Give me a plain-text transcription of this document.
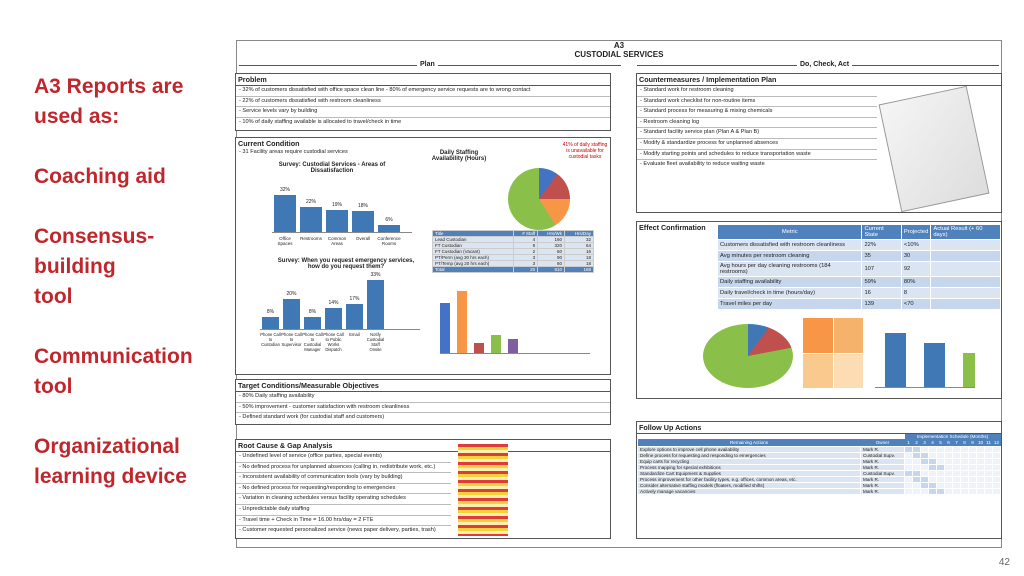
A3 Reports are
used as:
Coaching aid
Consensus-building
tool
Communication
tool
Organizational
learning device
42
A3
CUSTODIAL SERVICES
Plan	Do, Check, Act
Problem
- 32% of customers dissatisfied with office space clean line - 80% of emergency service requests are to wrong contact
- 22% of customers dissatisfied with restroom cleanliness
- Service levels vary by building
- 10% of daily staffing available is allocated to travel/check in time
Current Condition
- 31 Facility areas require custodial services
Survey: Custodial Services - Areas of Dissatisfaction
32%
22%
19%	18%
6%
Office Spaces
Restrooms	Common Areas
Overall	Conference Rooms
Survey: When you request emergency services, how do you request them?
8%
20%
8%
14%
17%
33%
Phone Call to Custodian
Phone Call to Supervisor
Phone Call to Custodial Manager
Phone Call to Public Works Dispatch
Email	Notify Custodial Staff Onsite
Daily Staffing Availability (Hours)
41% of daily staffing is unavailable for custodial tasks
Title	# Staff	Hrs/Wk	Hrs/Day
Lead Custodian	4	160	32
FT Custodian	8	320	64
FT Custodian (Vacant)	2	60	16
PT/Perm (avg 30 hrs each)	3	90	18
PT/Temp (avg 20 hrs each)	3	60	18
Total	20	810	168
Target Conditions/Measurable Objectives
- 80% Daily staffing availability
- 50% improvement - customer satisfaction with restroom cleanliness
- Defined standard work (for custodial staff and customers)
Root Cause & Gap Analysis
- Undefined level of service (office parties, special events)
- No defined process for unplanned absences (calling in, redistribute work, etc.)
- Inconsistent availability of communication tools (vary by building)
- No defined process for requesting/responding to emergencies
- Variation in cleaning schedules versus facility operating schedules
- Unpredictable daily staffing
- Travel time + Check in Time = 16.00 hrs/day = 2 FTE
- Customer requested personalized service (news paper delivery, parties, trash)
Countermeasures / Implementation Plan
- Standard work for restroom cleaning
- Standard work checklist for non-routine items
- Standard process for measuring & mixing chemicals
- Restroom cleaning log
- Standard facility service plan (Plan A & Plan B)
- Modify & standardize process for unplanned absences
- Modify starting points and schedules to reduce transportation waste
- Evaluate fleet availability to reduce waiting waste
Effect Confirmation	Metric	Current State	Projected	Actual Result (+ 60 days)
Customers dissatisfied with restroom cleanliness	22%	<10%	
Avg minutes per restroom cleaning	35	30	
Avg hours per day cleaning restrooms (184 restrooms)	107	92	
Daily staffing availability	59%	80%	
Daily travel/check in time (hours/day)	16	8	
Travel miles per day	139	<70	
Follow Up Actions
		Implementation Schedule (Months)											
Remaining Actions	Owner	1	2	3	4	5	6	7	8	9	10	11	12
Explore options to improve cell phone availability	Mark R.												
Define process for requesting and responding to emergencies	Custodial Supv.												
Equip carts for recycling	Mark R.												
Process mapping for special exhibitions	Mark R.												
Standardize Cart Equipment & Supplies	Custodial Supv.												
Process improvement for other facility types, e.g. offices, common areas, etc.	Mark R.												
Consider alternative staffing models (floaters, modified shifts)	Mark R.												
Actively manage vacancies	Mark R.												
